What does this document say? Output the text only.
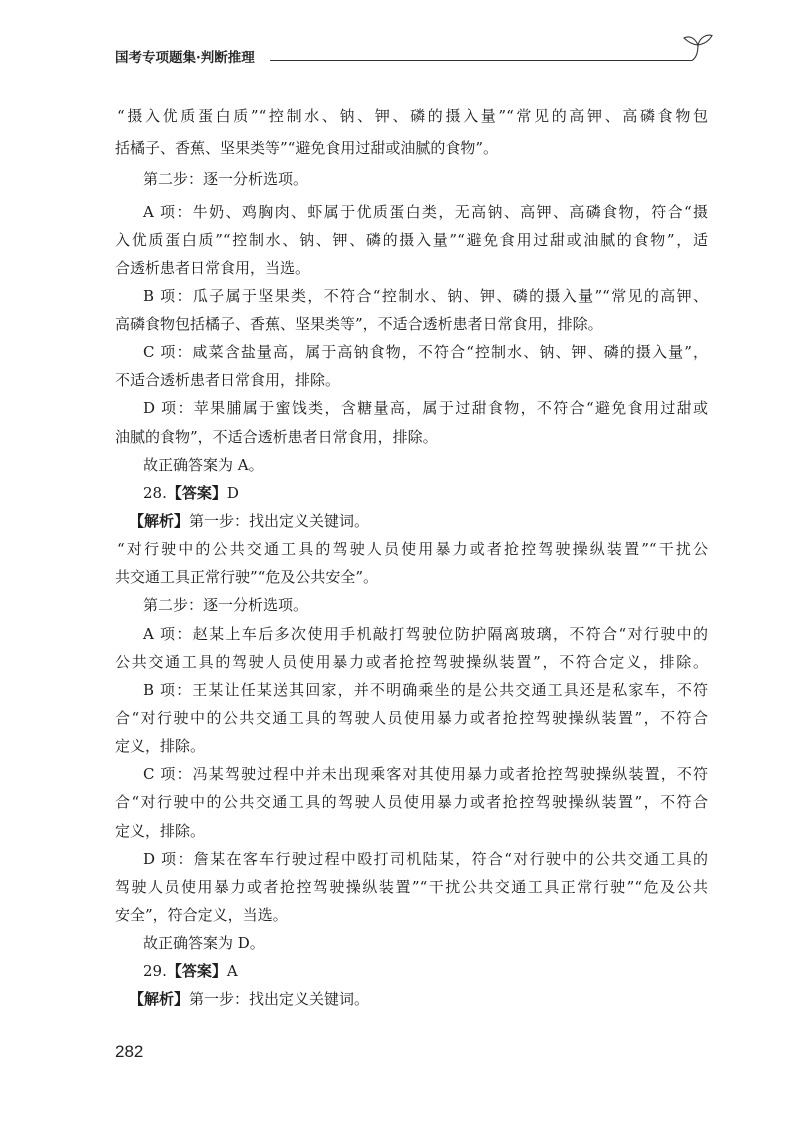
国考专项题集·判断推理
“摄入优质蛋白质”“控制水、钠、钾、磷的摄入量”“常见的高钾、高磷食物包
括橘子、香蕉、坚果类等”“避免食用过甜或油腻的食物”。
第二步：逐一分析选项。
A 项：牛奶、鸡胸肉、虾属于优质蛋白类，无高钠、高钾、高磷食物，符合“摄
入优质蛋白质”“控制水、钠、钾、磷的摄入量”“避免食用过甜或油腻的食物”，适
合透析患者日常食用，当选。
B 项：瓜子属于坚果类，不符合“控制水、钠、钾、磷的摄入量”“常见的高钾、
高磷食物包括橘子、香蕉、坚果类等”，不适合透析患者日常食用，排除。
C 项：咸菜含盐量高，属于高钠食物，不符合“控制水、钠、钾、磷的摄入量”，
不适合透析患者日常食用，排除。
D 项：苹果脯属于蜜饯类，含糖量高，属于过甜食物，不符合“避免食用过甜或
油腻的食物”，不适合透析患者日常食用，排除。
故正确答案为 A。
28.【答案】D
【解析】第一步：找出定义关键词。
“对行驶中的公共交通工具的驾驶人员使用暴力或者抢控驾驶操纵装置”“干扰公
共交通工具正常行驶”“危及公共安全”。
第二步：逐一分析选项。
A 项：赵某上车后多次使用手机敲打驾驶位防护隔离玻璃，不符合“对行驶中的
公共交通工具的驾驶人员使用暴力或者抢控驾驶操纵装置”，不符合定义，排除。
B 项：王某让任某送其回家，并不明确乘坐的是公共交通工具还是私家车，不符
合“对行驶中的公共交通工具的驾驶人员使用暴力或者抢控驾驶操纵装置”，不符合
定义，排除。
C 项：冯某驾驶过程中并未出现乘客对其使用暴力或者抢控驾驶操纵装置，不符
合“对行驶中的公共交通工具的驾驶人员使用暴力或者抢控驾驶操纵装置”，不符合
定义，排除。
D 项：詹某在客车行驶过程中殴打司机陆某，符合“对行驶中的公共交通工具的
驾驶人员使用暴力或者抢控驾驶操纵装置”“干扰公共交通工具正常行驶”“危及公共
安全”，符合定义，当选。
故正确答案为 D。
29.【答案】A
【解析】第一步：找出定义关键词。
282
